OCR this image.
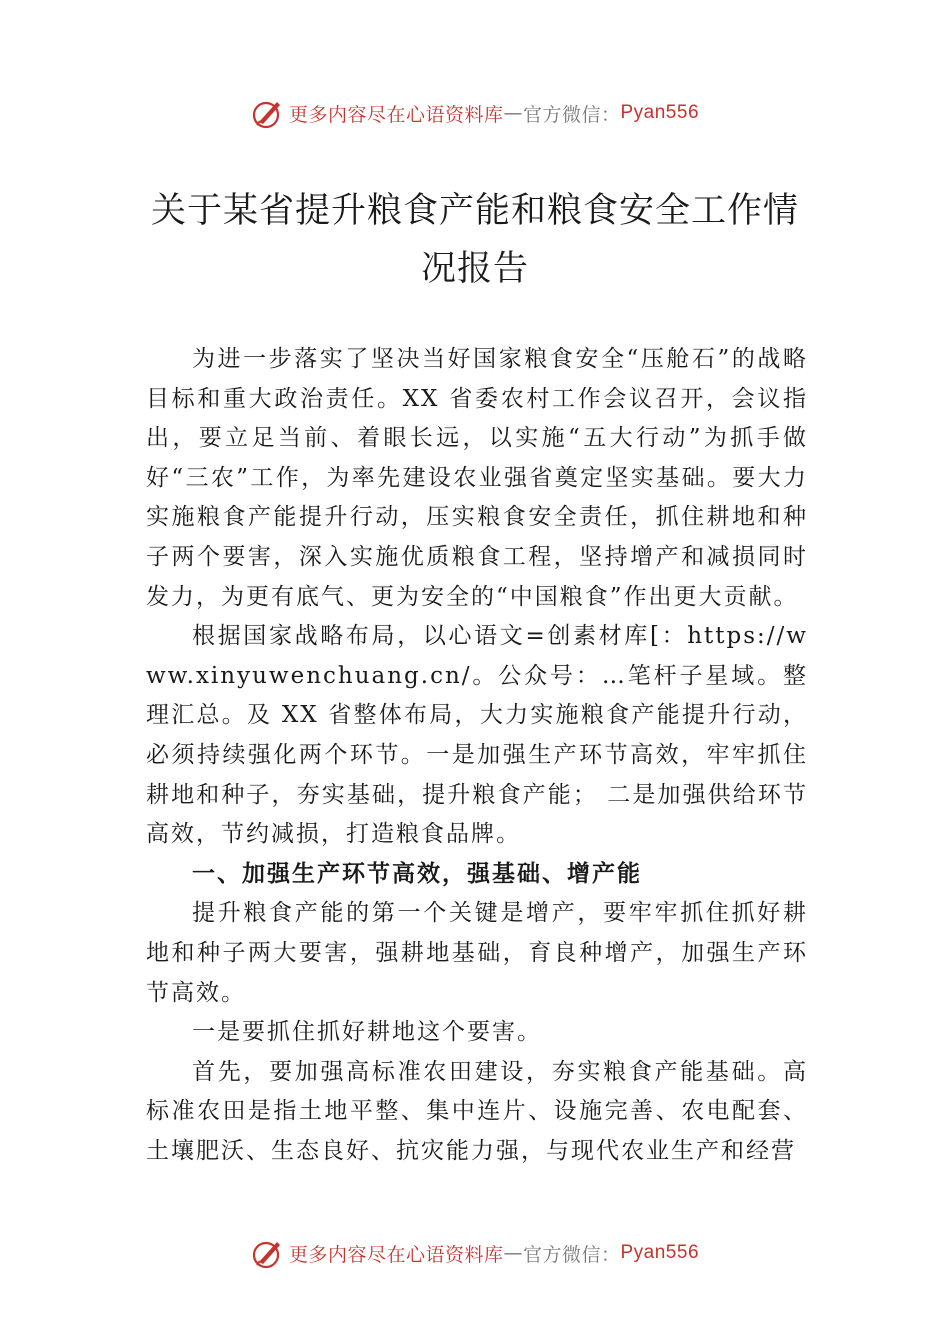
更多内容尽在心语资料库 — 官方微信： Pyan556
关于某省提升粮食产能和粮食安全工作情
况报告

为进一步落实了坚决当好国家粮食安全“压舱石”的战略目标和重大政治责任。XX 省委农村工作会议召开，会议指出，要立足当前、着眼长远，以实施“五大行动”为抓手做好“三农”工作，为率先建设农业强省奠定坚实基础。要大力实施粮食产能提升行动，压实粮食安全责任，抓住耕地和种子两个要害，深入实施优质粮食工程，坚持增产和减损同时发力，为更有底气、更为安全的“中国粮食”作出更大贡献。

根据国家战略布局，以心语文=创素材库[：https://www.xinyuwenchuang.cn/。公众号：…笔杆子星域。整理汇总。及 XX 省整体布局，大力实施粮食产能提升行动，必须持续强化两个环节。一是加强生产环节高效，牢牢抓住耕地和种子，夯实基础，提升粮食产能； 二是加强供给环节高效，节约减损，打造粮食品牌。

一、加强生产环节高效，强基础、增产能

提升粮食产能的第一个关键是增产，要牢牢抓住抓好耕地和种子两大要害，强耕地基础，育良种增产，加强生产环节高效。

一是要抓住抓好耕地这个要害。

首先，要加强高标准农田建设，夯实粮食产能基础。高标准农田是指土地平整、集中连片、设施完善、农电配套、 土壤肥沃、生态良好、抗灾能力强，与现代农业生产和经营

更多内容尽在心语资料库 — 官方微信： Pyan556
